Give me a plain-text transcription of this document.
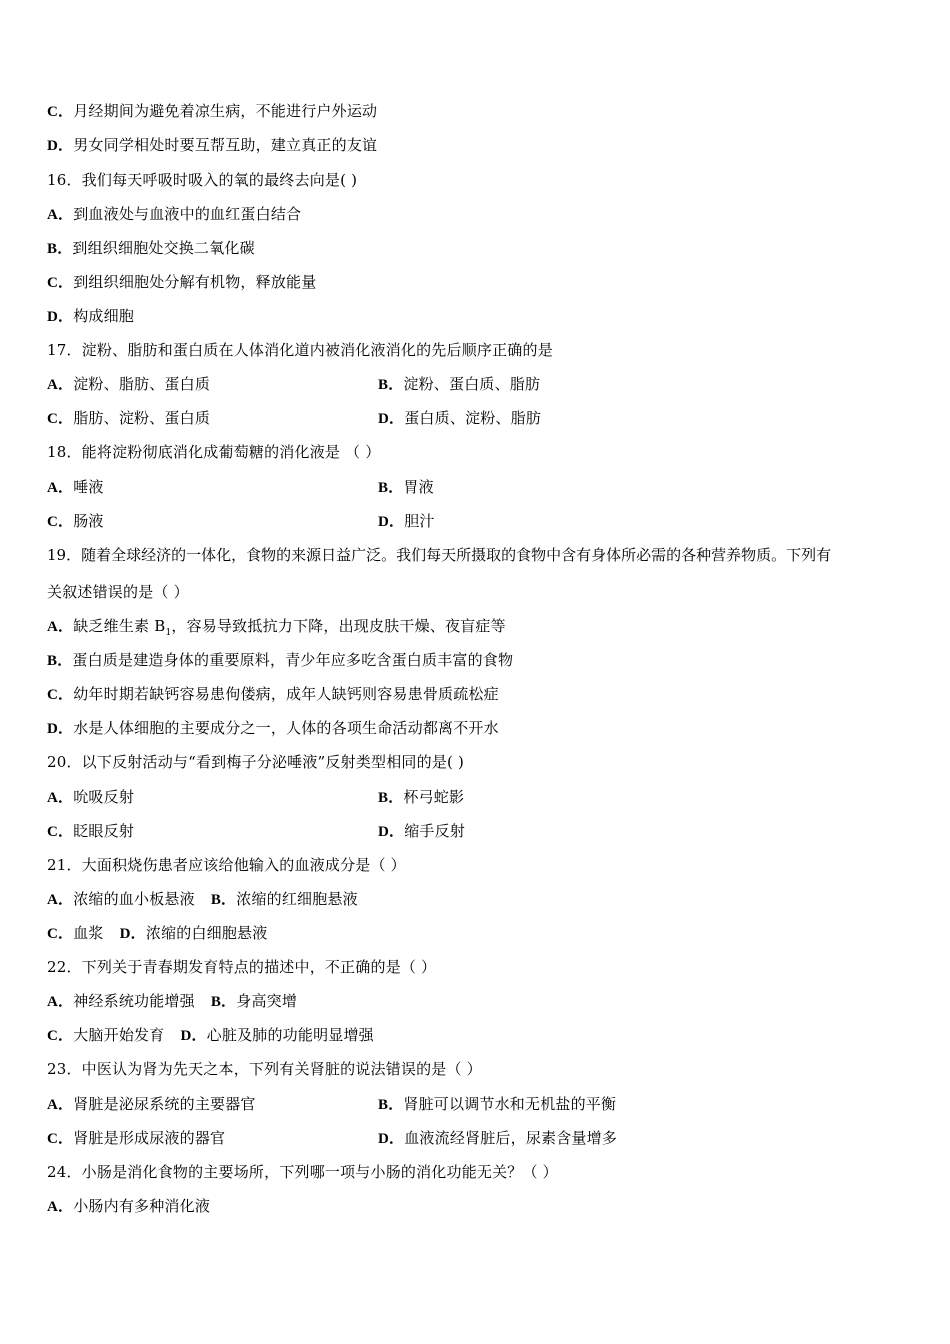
C．月经期间为避免着凉生病，不能进行户外运动
D．男女同学相处时要互帮互助，建立真正的友谊
16．我们每天呼吸时吸入的氧的最终去向是( )
A．到血液处与血液中的血红蛋白结合
B．到组织细胞处交换二氧化碳
C．到组织细胞处分解有机物，释放能量
D．构成细胞
17．淀粉、脂肪和蛋白质在人体消化道内被消化液消化的先后顺序正确的是
A．淀粉、脂肪、蛋白质	B．淀粉、蛋白质、脂肪
C．脂肪、淀粉、蛋白质	D．蛋白质、淀粉、脂肪
18．能将淀粉彻底消化成葡萄糖的消化液是 （ ）
A．唾液	B．胃液
C．肠液	D．胆汁
19．随着全球经济的一体化，食物的来源日益广泛。我们每天所摄取的食物中含有身体所必需的各种营养物质。下列有
关叙述错误的是（ ）
A．缺乏维生素 $B_1$，容易导致抵抗力下降，出现皮肤干燥、夜盲症等
B．蛋白质是建造身体的重要原料，青少年应多吃含蛋白质丰富的食物
C．幼年时期若缺钙容易患佝偻病，成年人缺钙则容易患骨质疏松症
D．水是人体细胞的主要成分之一，人体的各项生命活动都离不开水
20．以下反射活动与“看到梅子分泌唾液”反射类型相同的是( )
A．吮吸反射	B．杯弓蛇影
C．眨眼反射	D．缩手反射
21．大面积烧伤患者应该给他输入的血液成分是（ ）
A．浓缩的血小板悬液 B．浓缩的红细胞悬液
C．血浆 D．浓缩的白细胞悬液
22．下列关于青春期发育特点的描述中，不正确的是（ ）
A．神经系统功能增强 B．身高突增
C．大脑开始发育 D．心脏及肺的功能明显增强
23．中医认为肾为先天之本，下列有关肾脏的说法错误的是（ ）
A．肾脏是泌尿系统的主要器官	B．肾脏可以调节水和无机盐的平衡
C．肾脏是形成尿液的器官	D．血液流经肾脏后，尿素含量增多
24．小肠是消化食物的主要场所，下列哪一项与小肠的消化功能无关？（ ）
A．小肠内有多种消化液
